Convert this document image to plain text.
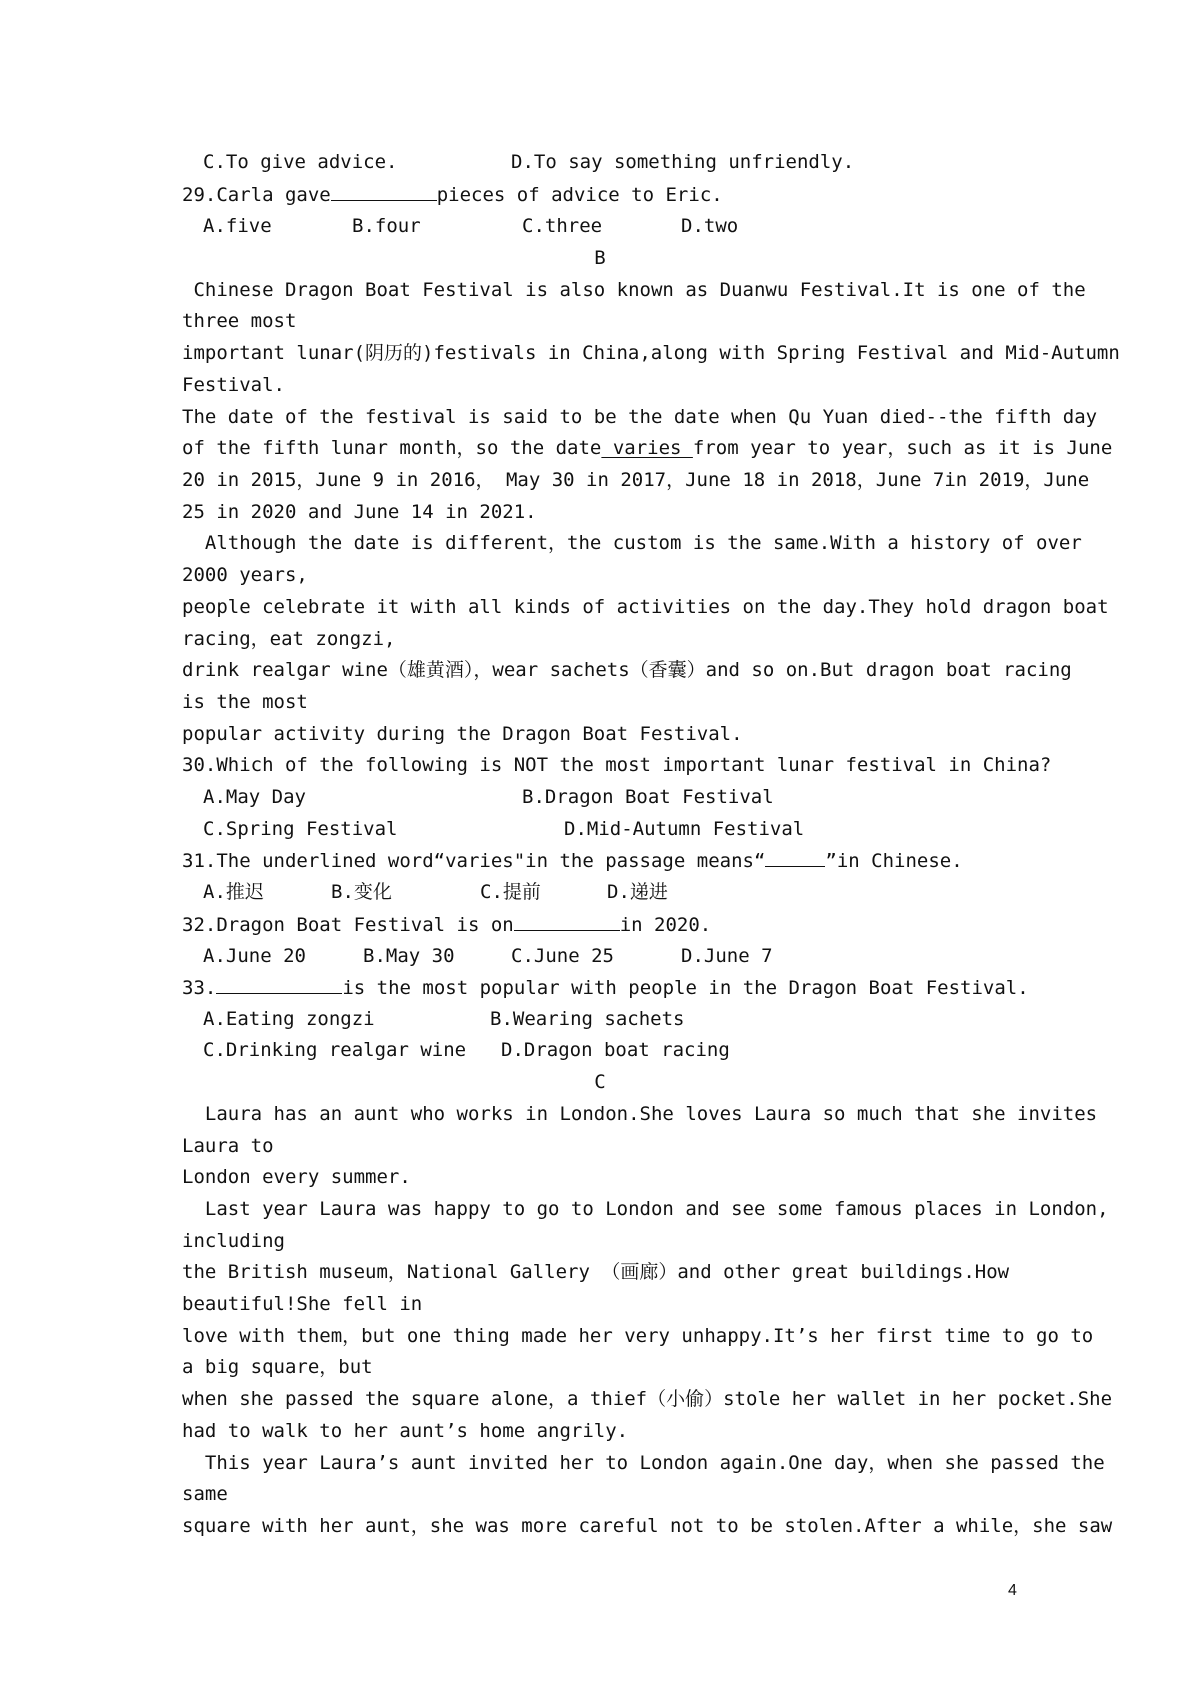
C.To give advice.	D.To say something unfriendly.
29.Carla gave	pieces of advice to Eric.
A.five	B.four	C.three	D.two
B
Chinese Dragon Boat Festival is also known as Duanwu Festival.It is one of the
three most
important lunar(阴历的)festivals in China,along with Spring Festival and Mid-Autumn
Festival.
The date of the festival is said to be the date when Qu Yuan died--the fifth day
of the fifth lunar month，so the date varies from year to year，such as it is June
20 in 2015，June 9 in 2016， May 30 in 2017，June 18 in 2018，June 7in 2019，June
25 in 2020 and June 14 in 2021.
Although the date is different，the custom is the same.With a history of over
2000 years,
people celebrate it with all kinds of activities on the day.They hold dragon boat
racing，eat zongzi,
drink realgar wine（雄黄酒），wear sachets（香囊）and so on.But dragon boat racing
is the most
popular activity during the Dragon Boat Festival.
30.Which of the following is NOT the most important lunar festival in China?
A.May Day	B.Dragon Boat Festival
C.Spring Festival	D.Mid-Autumn Festival
31.The underlined word“varies"in the passage means“	”in Chinese.
A.推迟	B.变化	C.提前	D.递进
32.Dragon Boat Festival is on	in 2020.
A.June 20	B.May 30	C.June 25	D.June 7
33.	is the most popular with people in the Dragon Boat Festival.
A.Eating zongzi	B.Wearing sachets
C.Drinking realgar wine D.Dragon boat racing
C
Laura has an aunt who works in London.She loves Laura so much that she invites
Laura to
London every summer.
Last year Laura was happy to go to London and see some famous places in London,
including
the British museum，National Gallery （画廊）and other great buildings.How
beautiful!She fell in
love with them，but one thing made her very unhappy.It’s her first time to go to
a big square，but
when she passed the square alone，a thief（小偷）stole her wallet in her pocket.She
had to walk to her aunt’s home angrily.
This year Laura’s aunt invited her to London again.One day，when she passed the
same
square with her aunt，she was more careful not to be stolen.After a while，she saw
4
